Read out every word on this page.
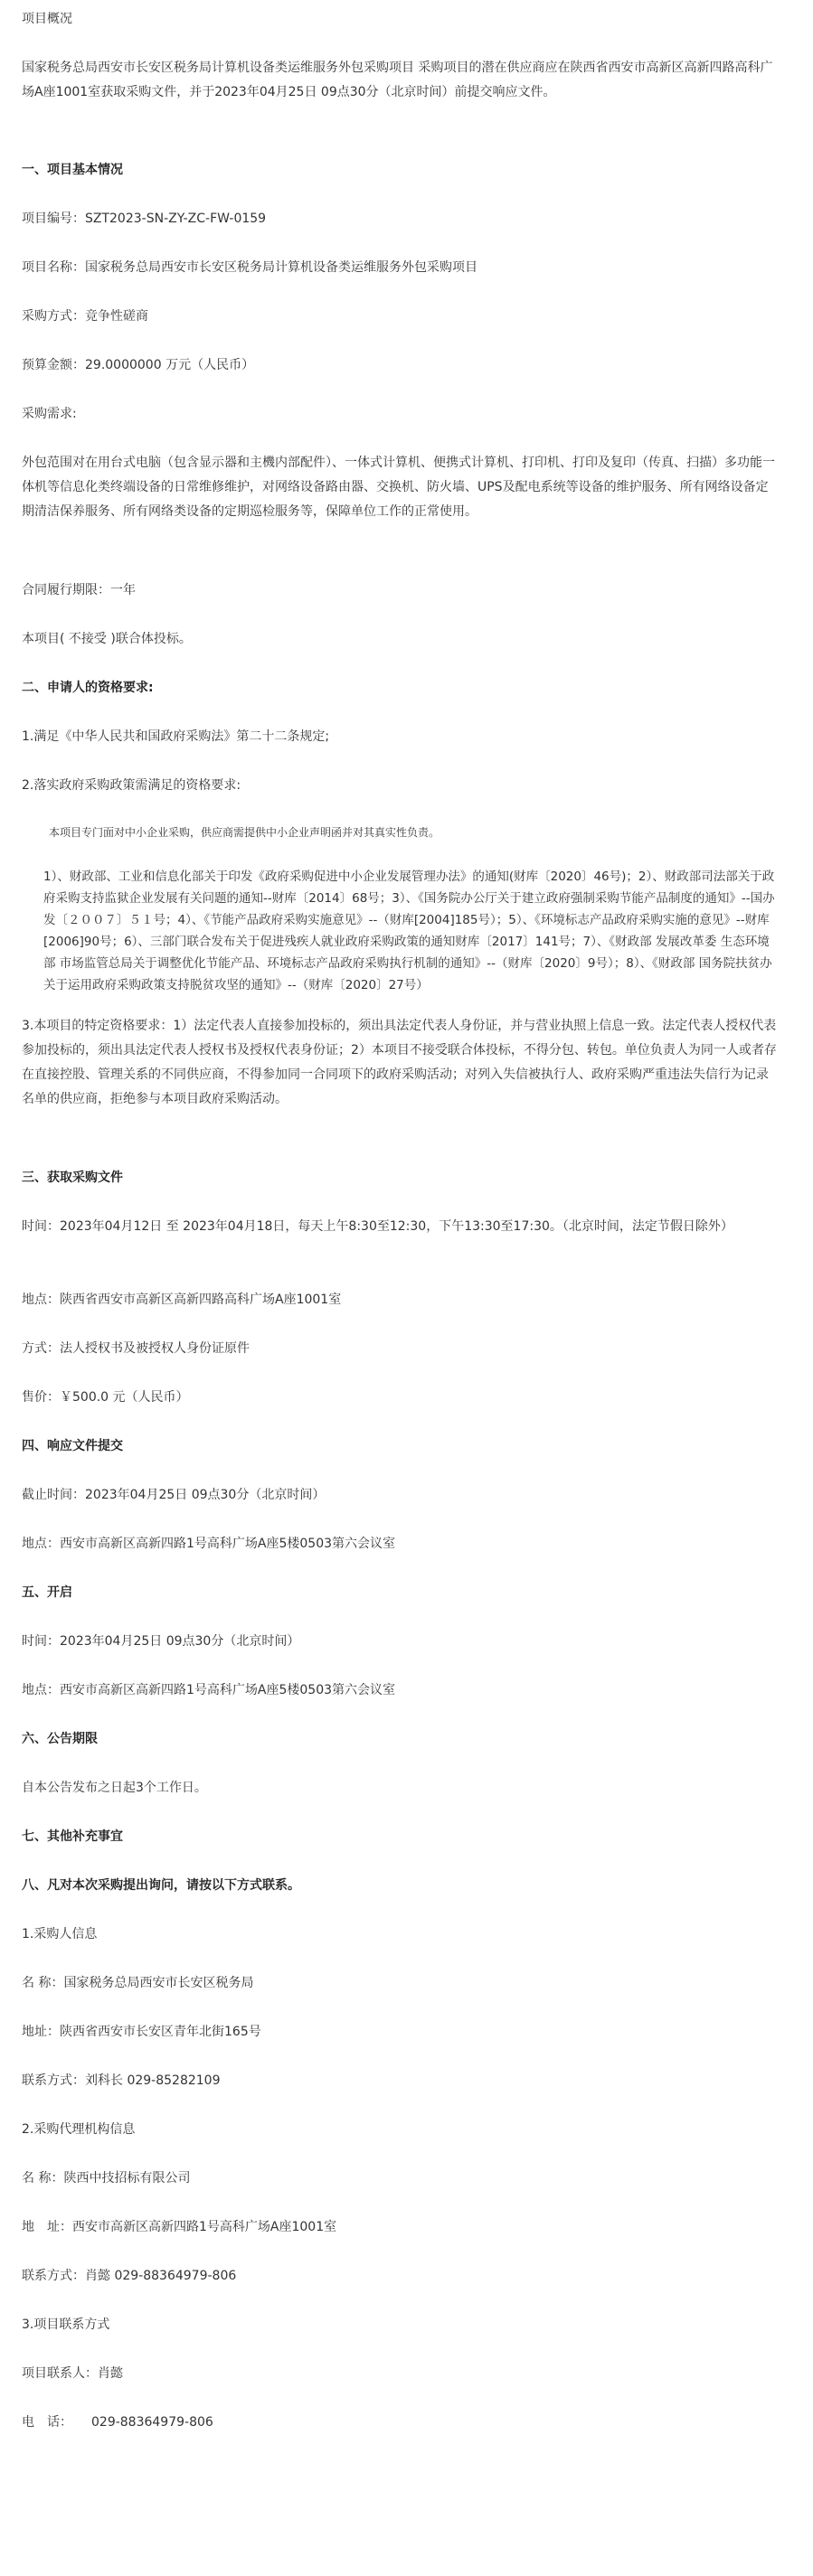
项目概况

国家税务总局西安市长安区税务局计算机设备类运维服务外包采购项目 采购项目的潜在供应商应在陕西省西安市高新区高新四路高科广场A座1001室获取采购文件，并于2023年04月25日 09点30分（北京时间）前提交响应文件。

一、项目基本情况

项目编号：SZT2023-SN-ZY-ZC-FW-0159

项目名称：国家税务总局西安市长安区税务局计算机设备类运维服务外包采购项目

采购方式：竞争性磋商

预算金额：29.0000000 万元（人民币）

采购需求:

外包范围对在用台式电脑（包含显示器和主機内部配件）、一体式计算机、便携式计算机、打印机、打印及复印（传真、扫描）多功能一体机等信息化类终端设备的日常维修维护，对网络设备路由器、交换机、防火墙、UPS及配电系统等设备的维护服务、所有网络设备定期清洁保养服务、所有网络类设备的定期巡检服务等，保障单位工作的正常使用。

合同履行期限：一年

本项目( 不接受 )联合体投标。

二、申请人的资格要求:

1.满足《中华人民共和国政府采购法》第二十二条规定;

2.落实政府采购政策需满足的资格要求:

本项目专门面对中小企业采购，供应商需提供中小企业声明函并对其真实性负责。

1）、财政部、工业和信息化部关于印发《政府采购促进中小企业发展管理办法》的通知(财库〔2020〕46号)；2）、财政部司法部关于政府采购支持监狱企业发展有关问题的通知--财库〔2014〕68号；3）、《国务院办公厅关于建立政府强制采购节能产品制度的通知》--国办发〔２００７〕５１号；4）、《节能产品政府采购实施意见》--（财库[2004]185号）；5）、《环境标志产品政府采购实施的意见》--财库[2006]90号；6）、三部门联合发布关于促进残疾人就业政府采购政策的通知财库〔2017〕141号；7）、《财政部 发展改革委 生态环境部 市场监管总局关于调整优化节能产品、环境标志产品政府采购执行机制的通知》--（财库〔2020〕9号）；8）、《财政部 国务院扶贫办关于运用政府采购政策支持脱贫攻坚的通知》--（财库〔2020〕27号）

3.本项目的特定资格要求：1）法定代表人直接参加投标的，须出具法定代表人身份证，并与营业执照上信息一致。法定代表人授权代表参加投标的，须出具法定代表人授权书及授权代表身份证；2）本项目不接受联合体投标，不得分包、转包。单位负责人为同一人或者存在直接控股、管理关系的不同供应商，不得参加同一合同项下的政府采购活动；对列入失信被执行人、政府采购严重违法失信行为记录名单的供应商，拒绝参与本项目政府采购活动。

三、获取采购文件

时间：2023年04月12日 至 2023年04月18日，每天上午8:30至12:30，下午13:30至17:30。（北京时间，法定节假日除外）

地点：陕西省西安市高新区高新四路高科广场A座1001室

方式：法人授权书及被授权人身份证原件

售价：￥500.0 元（人民币）

四、响应文件提交

截止时间：2023年04月25日 09点30分（北京时间）

地点：西安市高新区高新四路1号高科广场A座5楼0503第六会议室

五、开启

时间：2023年04月25日 09点30分（北京时间）

地点：西安市高新区高新四路1号高科广场A座5楼0503第六会议室

六、公告期限

自本公告发布之日起3个工作日。

七、其他补充事宜

八、凡对本次采购提出询问，请按以下方式联系。

1.采购人信息

名 称：国家税务总局西安市长安区税务局

地址：陕西省西安市长安区青年北街165号

联系方式：刘科长 029-85282109

2.采购代理机构信息

名 称：陕西中技招标有限公司

地　址：西安市高新区高新四路1号高科广场A座1001室

联系方式：肖懿 029-88364979-806

3.项目联系方式

项目联系人：肖懿

电　话：　　029-88364979-806
